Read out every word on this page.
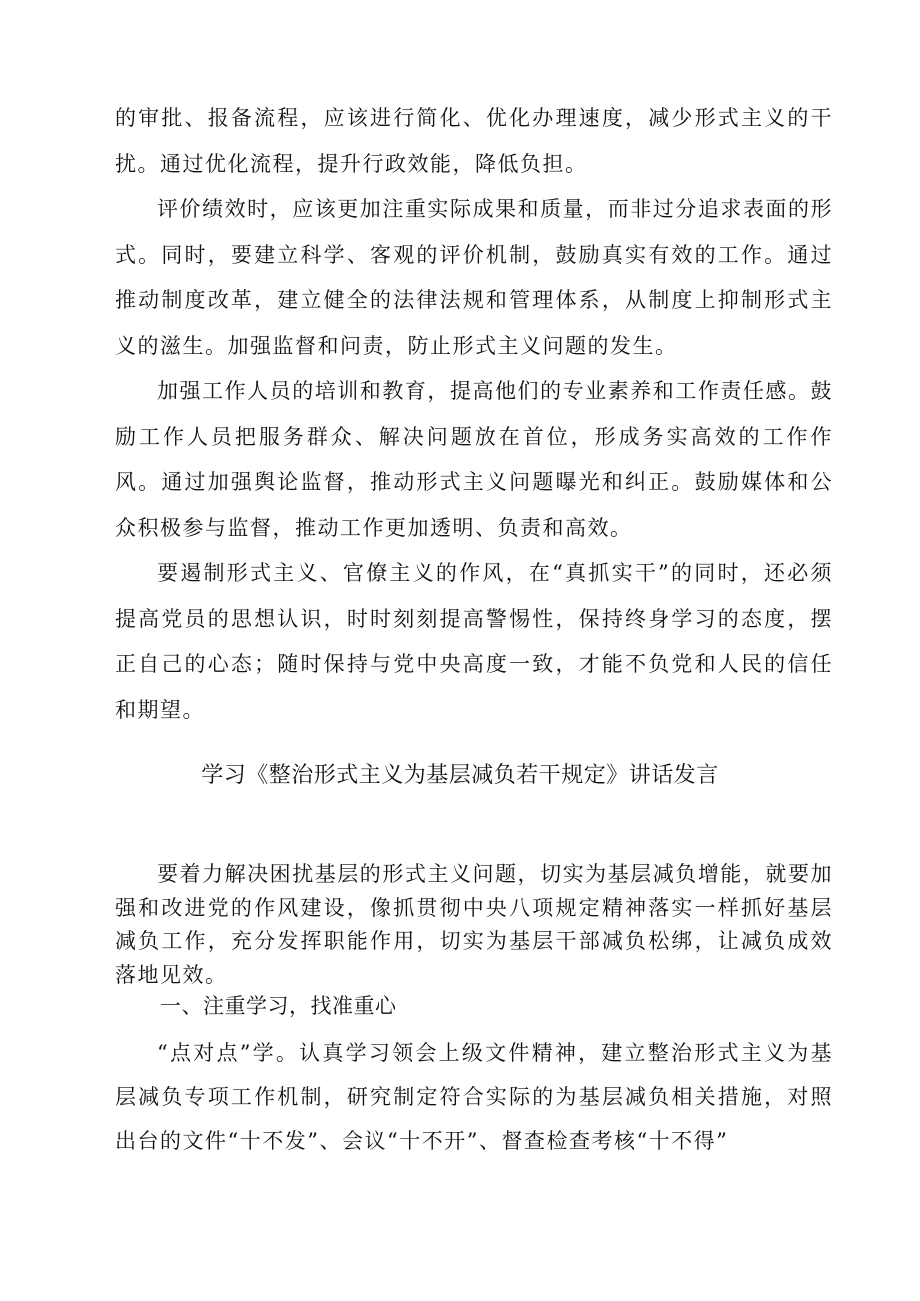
的审批、报备流程，应该进行简化、优化办理速度，减少形式主义的干扰。通过优化流程，提升行政效能，降低负担。

评价绩效时，应该更加注重实际成果和质量，而非过分追求表面的形式。同时，要建立科学、客观的评价机制，鼓励真实有效的工作。通过推动制度改革，建立健全的法律法规和管理体系，从制度上抑制形式主义的滋生。加强监督和问责，防止形式主义问题的发生。

加强工作人员的培训和教育，提高他们的专业素养和工作责任感。鼓励工作人员把服务群众、解决问题放在首位，形成务实高效的工作作风。通过加强舆论监督，推动形式主义问题曝光和纠正。鼓励媒体和公众积极参与监督，推动工作更加透明、负责和高效。

要遏制形式主义、官僚主义的作风，在“真抓实干”的同时，还必须提高党员的思想认识，时时刻刻提高警惕性，保持终身学习的态度，摆正自己的心态；随时保持与党中央高度一致，才能不负党和人民的信任和期望。

学习《整治形式主义为基层减负若干规定》讲话发言

要着力解决困扰基层的形式主义问题，切实为基层减负增能，就要加强和改进党的作风建设，像抓贯彻中央八项规定精神落实一样抓好基层减负工作，充分发挥职能作用，切实为基层干部减负松绑，让减负成效落地见效。

一、注重学习，找准重心

“点对点”学。认真学习领会上级文件精神，建立整治形式主义为基层减负专项工作机制，研究制定符合实际的为基层减负相关措施，对照出台的文件“十不发”、会议“十不开”、督查检查考核“十不得”
